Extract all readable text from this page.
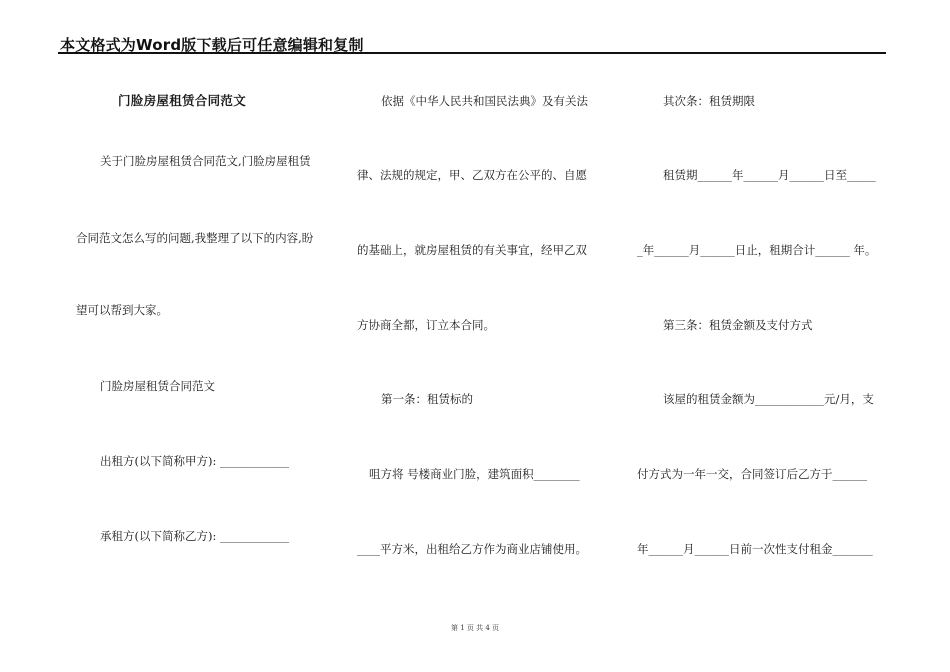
本文格式为Word版下载后可任意编辑和复制
门脸房屋租赁合同范文
关于门脸房屋租赁合同范文,门脸房屋租赁
合同范文怎么写的问题,我整理了以下的内容,盼
望可以帮到大家。
门脸房屋租赁合同范文
出租方(以下简称甲方): ____________
承租方(以下简称乙方): ____________
依据《中华人民共和国民法典》及有关法
律、法规的规定，甲、乙双方在公平的、自愿
的基础上，就房屋租赁的有关事宜，经甲乙双
方协商全都，订立本合同。
第一条：租赁标的
咀方将 号楼商业门脸，建筑面积________
____平方米，出租给乙方作为商业店铺使用。
其次条：租赁期限
租赁期______年______月______日至_____
_年______月______日止，租期合计______ 年。
第三条：租赁金额及支付方式
该屋的租赁金额为____________元/月，支
付方式为一年一交，合同签订后乙方于______
年______月______日前一次性支付租金_______
第 1 页 共 4 页
